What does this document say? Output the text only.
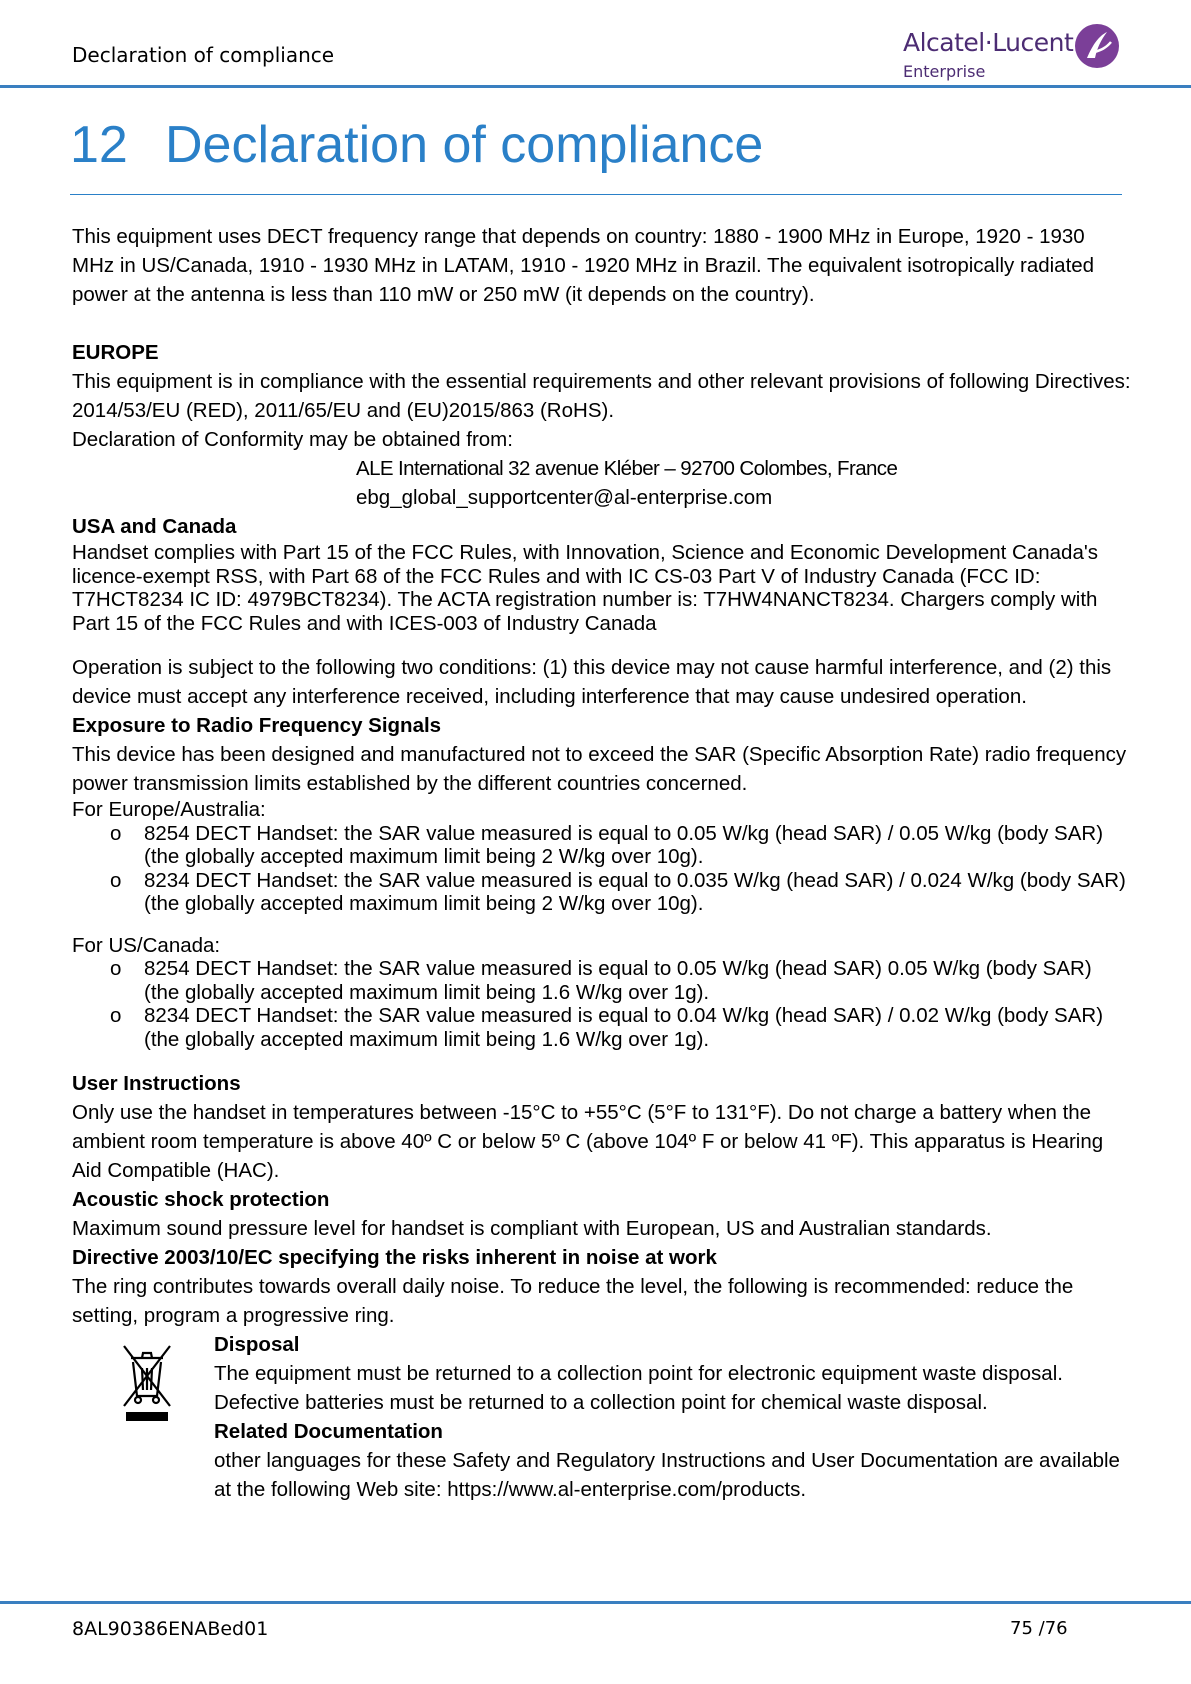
Declaration of compliance	Alcatel·Lucent
Enterprise
12 Declaration of compliance

This equipment uses DECT frequency range that depends on country: 1880 - 1900 MHz in Europe, 1920 - 1930 MHz in US/Canada, 1910 - 1930 MHz in LATAM, 1910 - 1920 MHz in Brazil. The equivalent isotropically radiated power at the antenna is less than 110 mW or 250 mW (it depends on the country).

EUROPE

This equipment is in compliance with the essential requirements and other relevant provisions of following Directives: 2014/53/EU (RED), 2011/65/EU and (EU)2015/863 (RoHS).

Declaration of Conformity may be obtained from:

ALE International 32 avenue Kléber – 92700 Colombes, France

ebg_global_supportcenter@al-enterprise.com

USA and Canada

Handset complies with Part 15 of the FCC Rules, with Innovation, Science and Economic Development Canada's licence-exempt RSS, with Part 68 of the FCC Rules and with IC CS-03 Part V of Industry Canada (FCC ID: T7HCT8234 IC ID: 4979BCT8234). The ACTA registration number is: T7HW4NANCT8234. Chargers comply with Part 15 of the FCC Rules and with ICES-003 of Industry Canada

Operation is subject to the following two conditions: (1) this device may not cause harmful interference, and (2) this device must accept any interference received, including interference that may cause undesired operation.

Exposure to Radio Frequency Signals

This device has been designed and manufactured not to exceed the SAR (Specific Absorption Rate) radio frequency power transmission limits established by the different countries concerned.

For Europe/Australia:

o 8254 DECT Handset: the SAR value measured is equal to 0.05 W/kg (head SAR) / 0.05 W/kg (body SAR) (the globally accepted maximum limit being 2 W/kg over 10g).
o 8234 DECT Handset: the SAR value measured is equal to 0.035 W/kg (head SAR) / 0.024 W/kg (body SAR) (the globally accepted maximum limit being 2 W/kg over 10g).

For US/Canada:

o 8254 DECT Handset: the SAR value measured is equal to 0.05 W/kg (head SAR) 0.05 W/kg (body SAR) (the globally accepted maximum limit being 1.6 W/kg over 1g).
o 8234 DECT Handset: the SAR value measured is equal to 0.04 W/kg (head SAR) / 0.02 W/kg (body SAR) (the globally accepted maximum limit being 1.6 W/kg over 1g).

User Instructions

Only use the handset in temperatures between -15°C to +55°C (5°F to 131°F). Do not charge a battery when the ambient room temperature is above 40º C or below 5º C (above 104º F or below 41 ºF). This apparatus is Hearing Aid Compatible (HAC).

Acoustic shock protection

Maximum sound pressure level for handset is compliant with European, US and Australian standards.

Directive 2003/10/EC specifying the risks inherent in noise at work

The ring contributes towards overall daily noise. To reduce the level, the following is recommended: reduce the setting, program a progressive ring.

Disposal

The equipment must be returned to a collection point for electronic equipment waste disposal.

Defective batteries must be returned to a collection point for chemical waste disposal.

Related Documentation

other languages for these Safety and Regulatory Instructions and User Documentation are available at the following Web site: https://www.al-enterprise.com/products.

8AL90386ENABed01	75 /76
